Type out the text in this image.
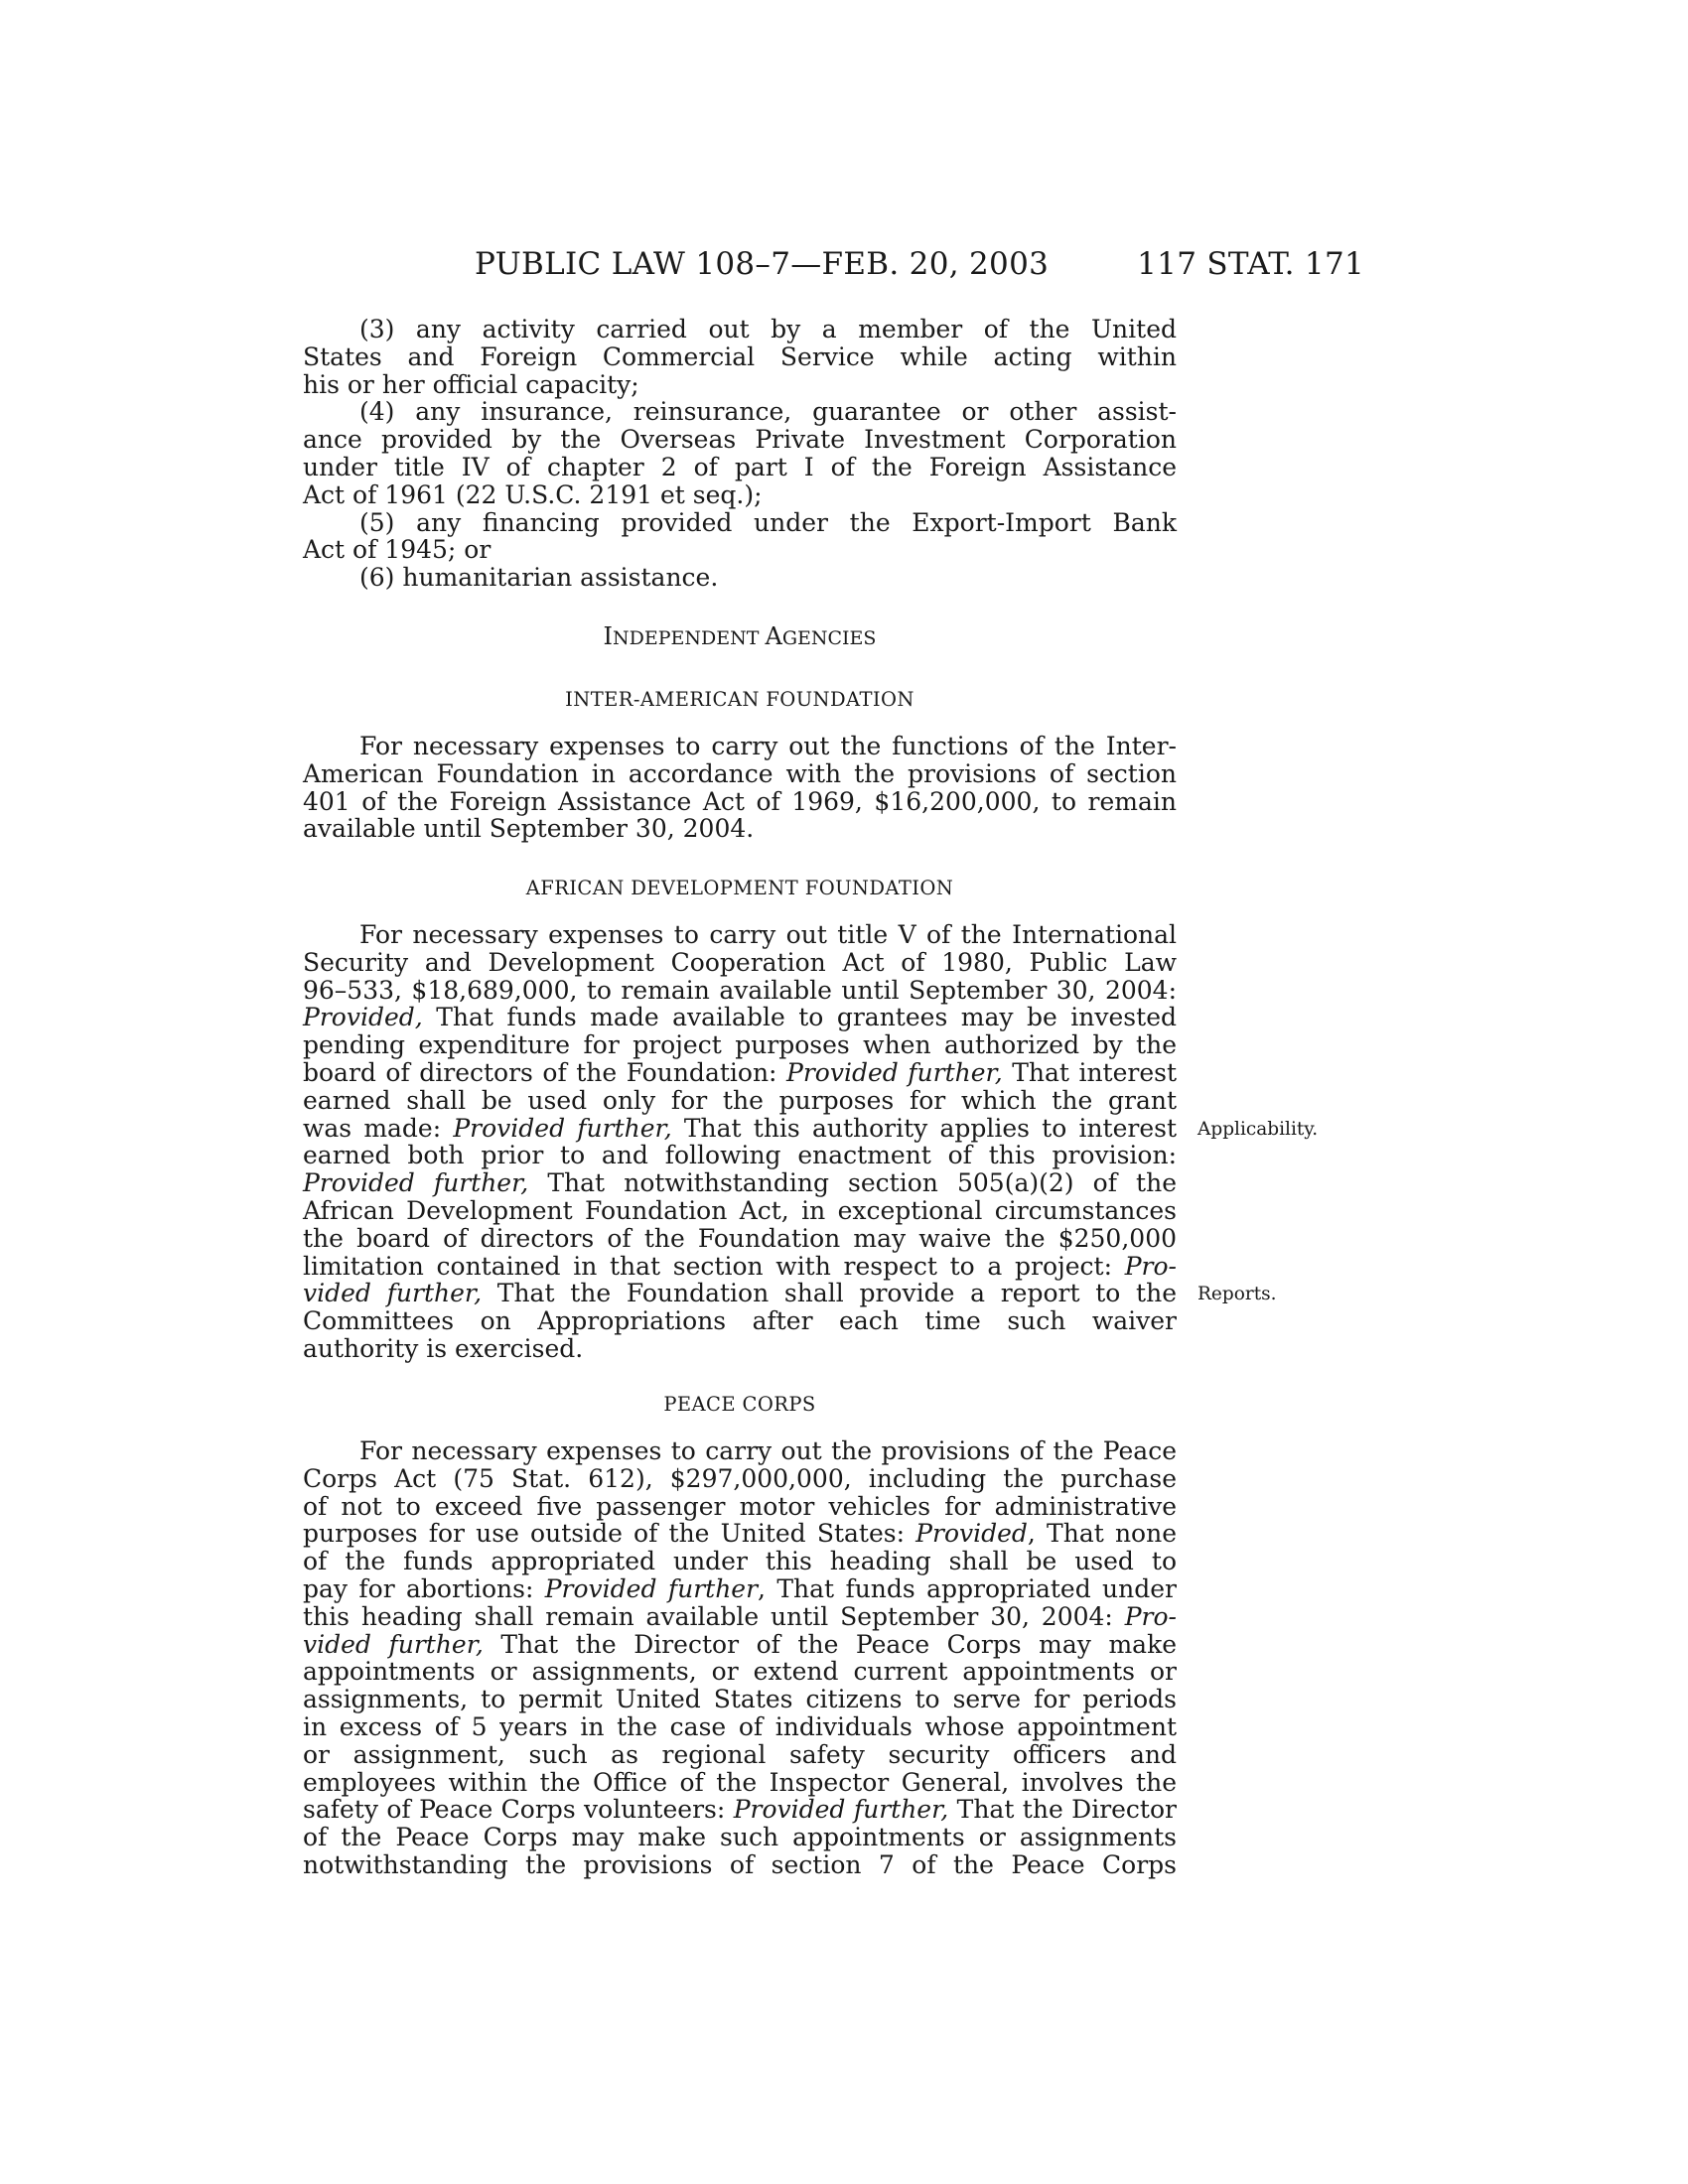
PUBLIC LAW 108–7—FEB. 20, 2003	117 STAT. 171
(3) any activity carried out by a member of the United
States and Foreign Commercial Service while acting within
his or her official capacity;
(4) any insurance, reinsurance, guarantee or other assist-
ance provided by the Overseas Private Investment Corporation
under title IV of chapter 2 of part I of the Foreign Assistance
Act of 1961 (22 U.S.C. 2191 et seq.);
(5) any financing provided under the Export-Import Bank
Act of 1945; or
(6) humanitarian assistance.
INDEPENDENT AGENCIES
INTER-AMERICAN FOUNDATION
For necessary expenses to carry out the functions of the Inter-
American Foundation in accordance with the provisions of section
401 of the Foreign Assistance Act of 1969, $16,200,000, to remain
available until September 30, 2004.
AFRICAN DEVELOPMENT FOUNDATION
For necessary expenses to carry out title V of the International
Security and Development Cooperation Act of 1980, Public Law
96–533, $18,689,000, to remain available until September 30, 2004:
Provided, That funds made available to grantees may be invested
pending expenditure for project purposes when authorized by the
board of directors of the Foundation: Provided further, That interest
earned shall be used only for the purposes for which the grant
was made: Provided further, That this authority applies to interest
earned both prior to and following enactment of this provision:
Provided further, That notwithstanding section 505(a)(2) of the
African Development Foundation Act, in exceptional circumstances
the board of directors of the Foundation may waive the $250,000
limitation contained in that section with respect to a project: Pro-
vided further, That the Foundation shall provide a report to the
Committees on Appropriations after each time such waiver
authority is exercised.
Applicability.
Reports.
PEACE CORPS
For necessary expenses to carry out the provisions of the Peace
Corps Act (75 Stat. 612), $297,000,000, including the purchase
of not to exceed five passenger motor vehicles for administrative
purposes for use outside of the United States: Provided, That none
of the funds appropriated under this heading shall be used to
pay for abortions: Provided further, That funds appropriated under
this heading shall remain available until September 30, 2004: Pro-
vided further, That the Director of the Peace Corps may make
appointments or assignments, or extend current appointments or
assignments, to permit United States citizens to serve for periods
in excess of 5 years in the case of individuals whose appointment
or assignment, such as regional safety security officers and
employees within the Office of the Inspector General, involves the
safety of Peace Corps volunteers: Provided further, That the Director
of the Peace Corps may make such appointments or assignments
notwithstanding the provisions of section 7 of the Peace Corps
